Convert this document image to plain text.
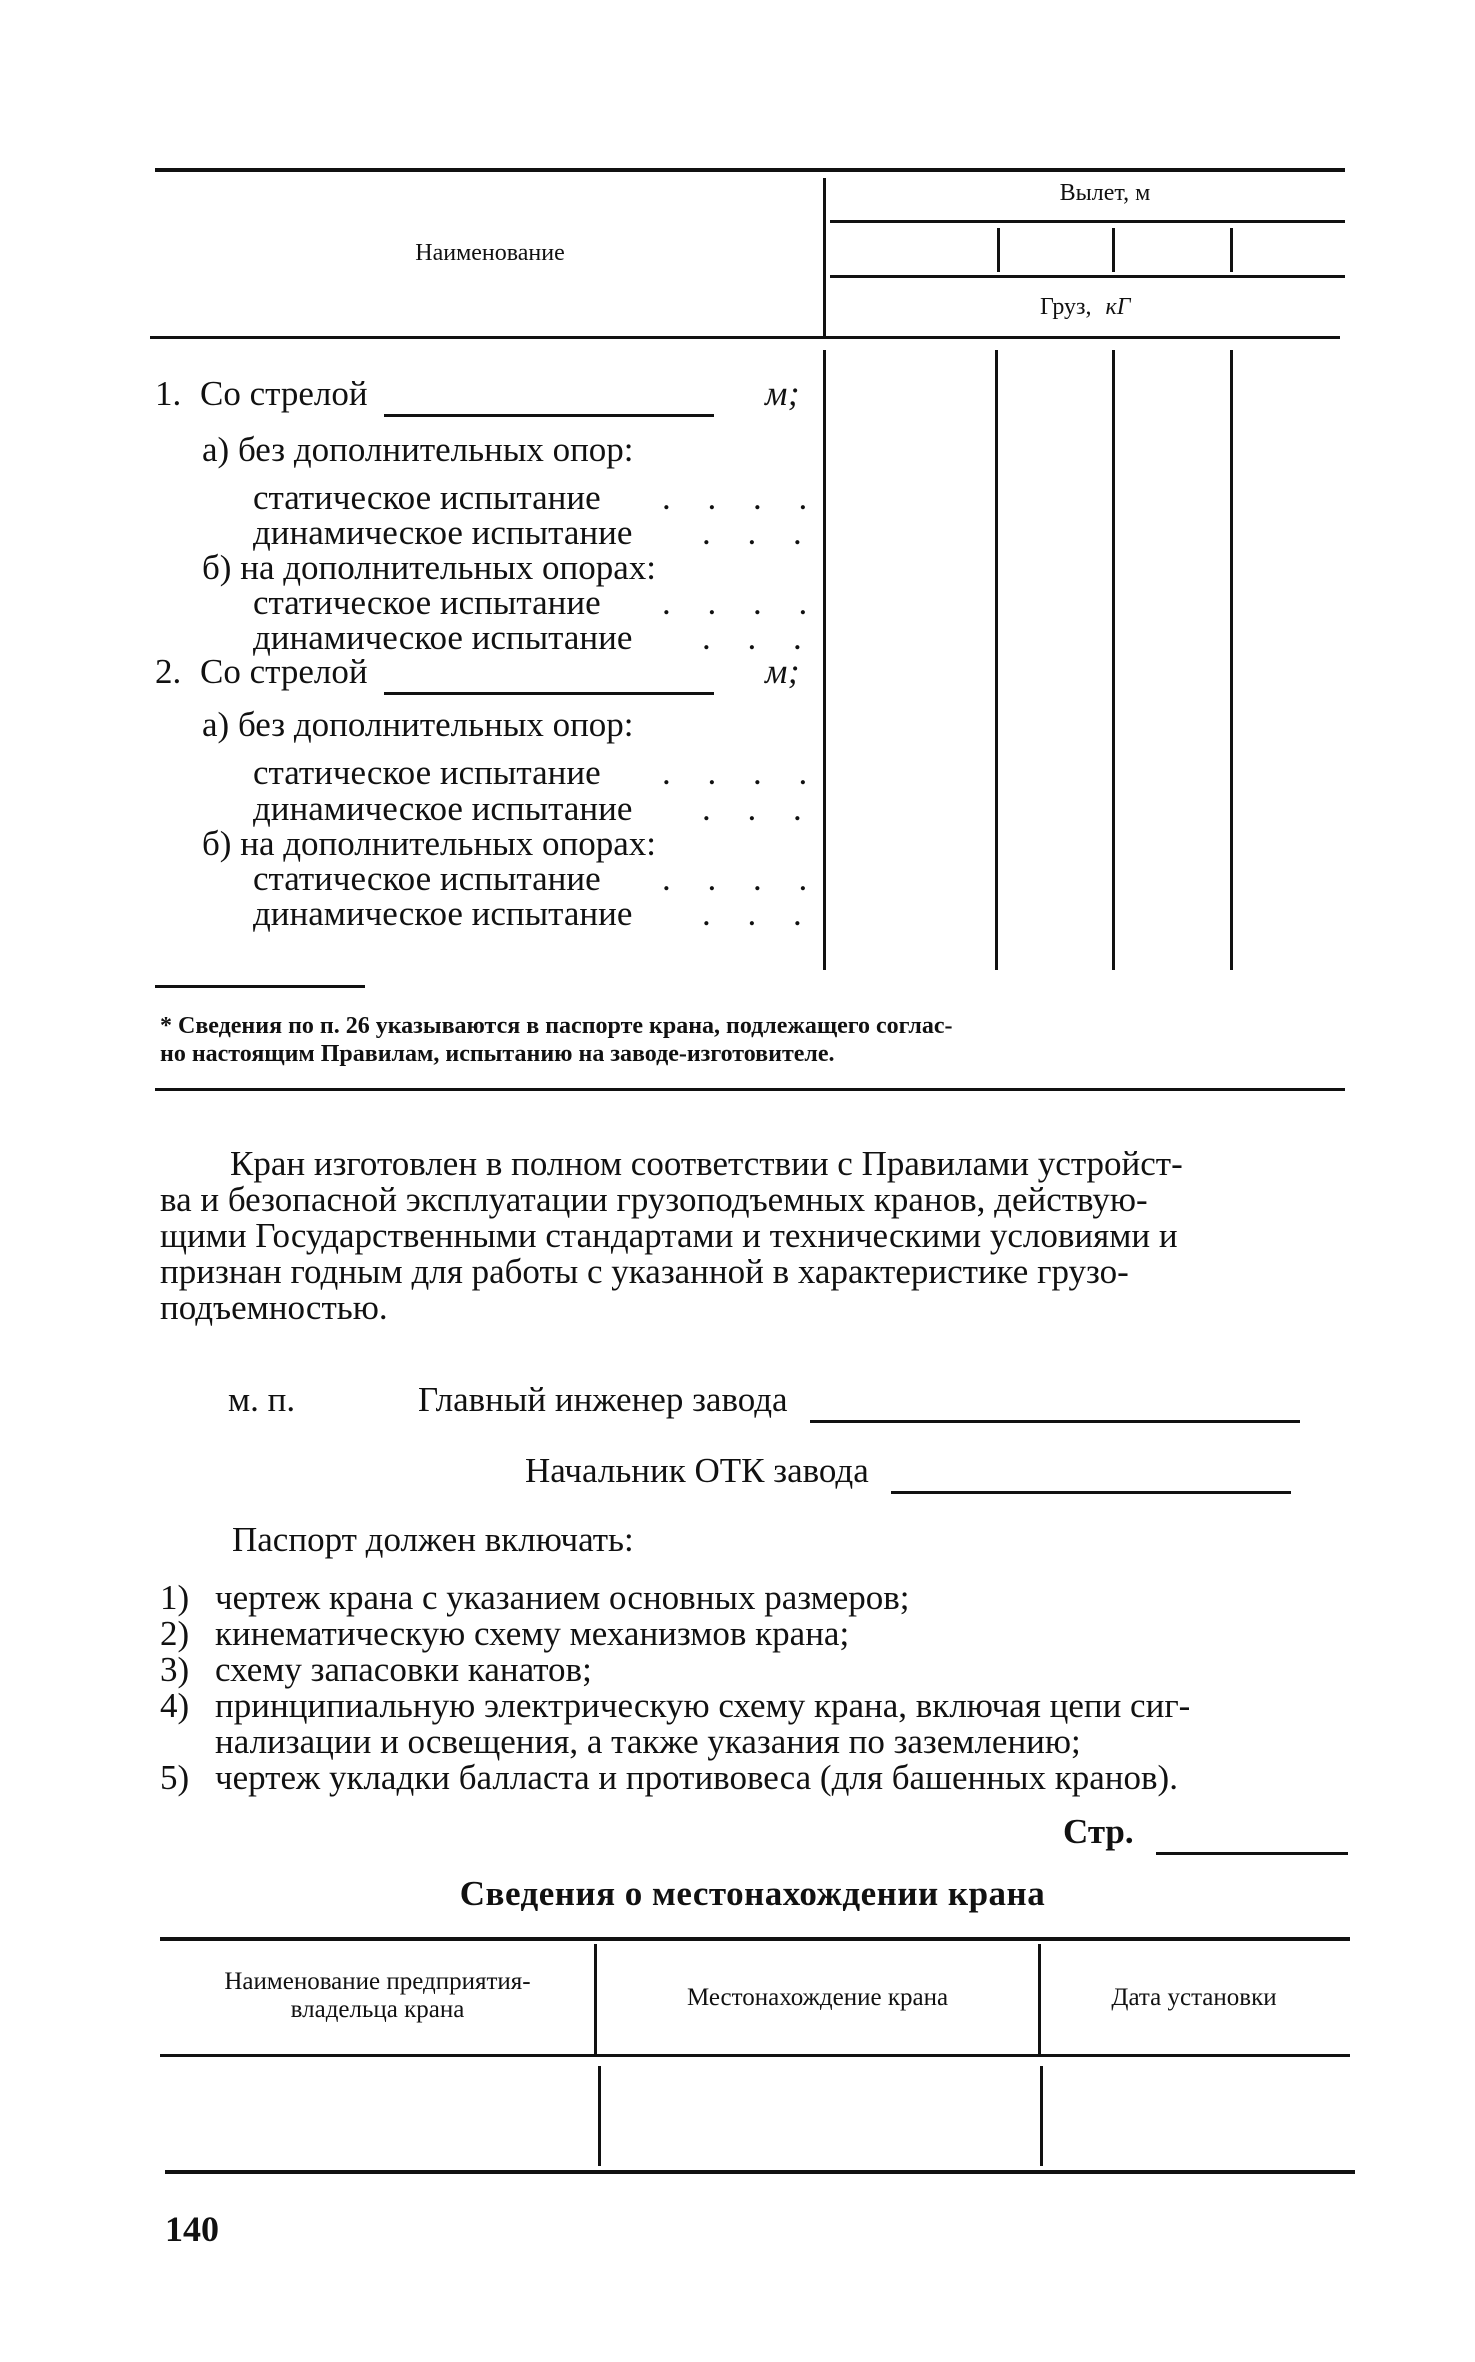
Наименование
Вылет, м
Груз, кГ
1. Со стрелой	м;
а) без дополнительных опор:
статическое испытание . . . .
динамическое испытание . . .
б) на дополнительных опорах:
статическое испытание . . . .
динамическое испытание . . .
2. Со стрелой	м;
а) без дополнительных опор:
статическое испытание . . . .
динамическое испытание . . .
б) на дополнительных опорах:
статическое испытание . . . .
динамическое испытание . . .
* Сведения по п. 26 указываются в паспорте крана, подлежащего соглас-
но настоящим Правилам, испытанию на заводе-изготовителе.
Кран изготовлен в полном соответствии с Правилами устройст-
ва и безопасной эксплуатации грузоподъемных кранов, действую-
щими Государственными стандартами и техническими условиями и
признан годным для работы с указанной в характеристике грузо-
подъемностью.
м. п.	Главный инженер завода
Начальник ОТК завода
Паспорт должен включать:
1) чертеж крана с указанием основных размеров;
2) кинематическую схему механизмов крана;
3) схему запасовки канатов;
4) принципиальную электрическую схему крана, включая цепи сиг-
нализации и освещения, а также указания по заземлению;
5) чертеж укладки балласта и противовеса (для башенных кранов).
Стр.
Сведения о местонахождении крана
Наименование предприятия-
владельца крана	Местонахождение крана	Дата установки
140
